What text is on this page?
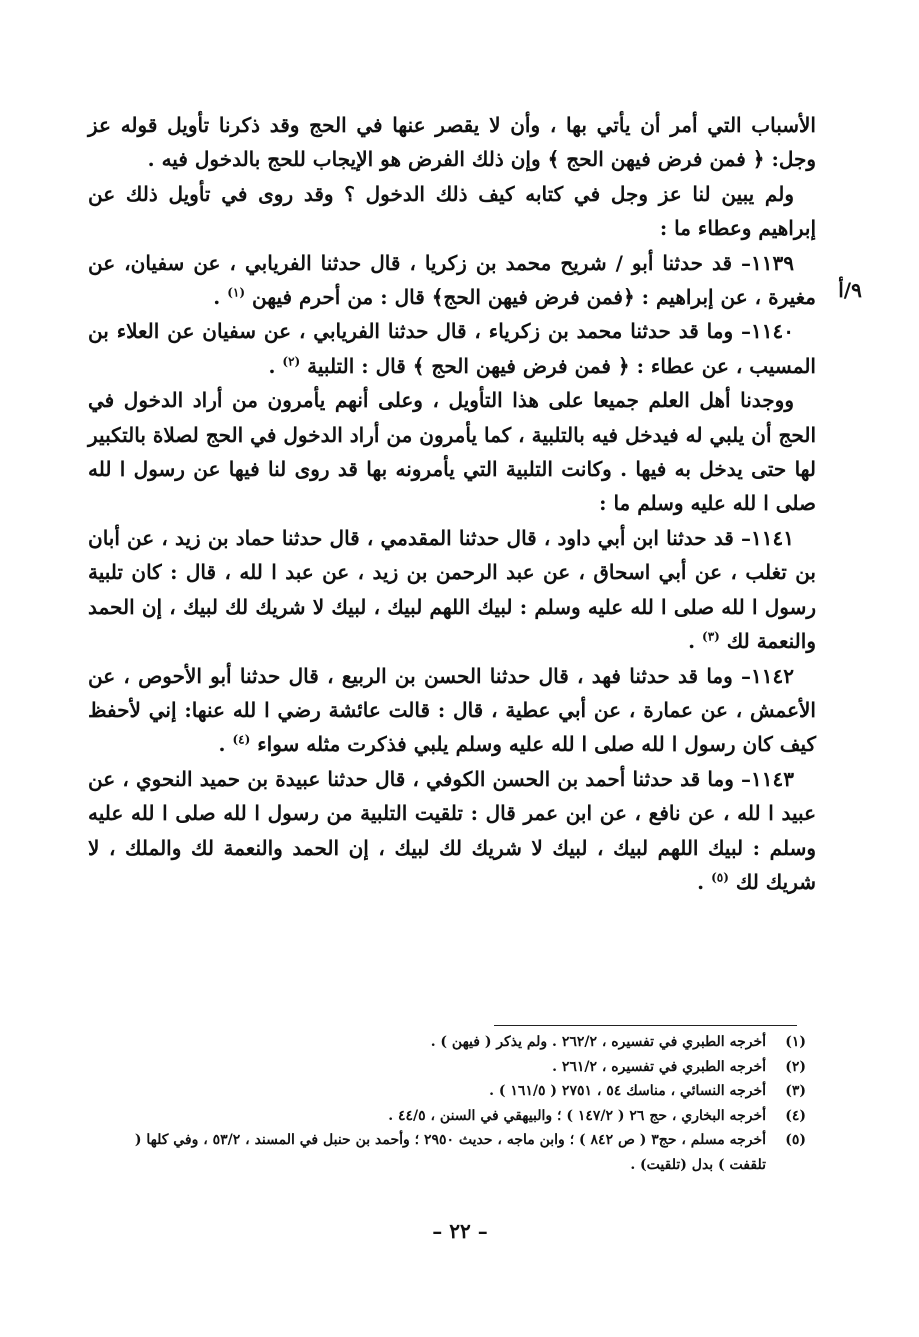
٩/أ

الأسباب التي أمر أن يأتي بها ، وأن لا يقصر عنها في الحج وقد ذكرنا تأويل قوله عز وجل: ﴿ فمن فرض فيهن الحج ﴾ وإن ذلك الفرض هو الإيجاب للحج بالدخول فيه .

ولم يبين لنا عز وجل في كتابه كيف ذلك الدخول ؟ وقد روى في تأويل ذلك عن إبراهيم وعطاء ما :

١١٣٩– قد حدثنا أبو / شريح محمد بن زكريا ، قال حدثنا الفريابي ، عن سفيان، عن مغيرة ، عن إبراهيم : ﴿فمن فرض فيهن الحج﴾ قال : من أحرم فيهن $^{(١)}$ .

١١٤٠– وما قد حدثنا محمد بن زكرياء ، قال حدثنا الفريابي ، عن سفيان عن العلاء بن المسيب ، عن عطاء : ﴿ فمن فرض فيهن الحج ﴾ قال : التلبية $^{(٢)}$ .

ووجدنا أهل العلم جميعا على هذا التأويل ، وعلى أنهم يأمرون من أراد الدخول في الحج أن يلبي له فيدخل فيه بالتلبية ، كما يأمرون من أراد الدخول في الحج لصلاة بالتكبير لها حتى يدخل به فيها . وكانت التلبية التي يأمرونه بها قد روى لنا فيها عن رسول ا لله صلى ا لله عليه وسلم ما :

١١٤١– قد حدثنا ابن أبي داود ، قال حدثنا المقدمي ، قال حدثنا حماد بن زيد ، عن أبان بن تغلب ، عن أبي اسحاق ، عن عبد الرحمن بن زيد ، عن عبد ا لله ، قال : كان تلبية رسول ا لله صلى ا لله عليه وسلم : لبيك اللهم لبيك ، لبيك لا شريك لك لبيك ، إن الحمد والنعمة لك $^{(٣)}$ .

١١٤٢– وما قد حدثنا فهد ، قال حدثنا الحسن بن الربيع ، قال حدثنا أبو الأحوص ، عن الأعمش ، عن عمارة ، عن أبي عطية ، قال : قالت عائشة رضي ا لله عنها: إني لأحفظ كيف كان رسول ا لله صلى ا لله عليه وسلم يلبي فذكرت مثله سواء $^{(٤)}$ .

١١٤٣– وما قد حدثنا أحمد بن الحسن الكوفي ، قال حدثنا عبيدة بن حميد النحوي ، عن عبيد ا لله ، عن نافع ، عن ابن عمر قال : تلقيت التلبية من رسول ا لله صلى ا لله عليه وسلم : لبيك اللهم لبيك ، لبيك لا شريك لك لبيك ، إن الحمد والنعمة لك والملك ، لا شريك لك $^{(٥)}$ .

(١)
أخرجه الطبري في تفسيره ، ٢٦٢/٢ . ولم يذكر ( فيهن ) .
(٢)
أخرجه الطبري في تفسيره ، ٢٦١/٢ .
(٣)
أخرجه النسائي ، مناسك ٥٤ ، ٢٧٥١ ( ١٦١/٥ ) .
(٤)
أخرجه البخاري ، حج ٢٦ ( ١٤٧/٢ ) ؛ والبيهقي في السنن ، ٤٤/٥ .
(٥)
أخرجه مسلم ، حج٣ ( ص ٨٤٢ ) ؛ وابن ماجه ، حديث ٢٩٥٠ ؛ وأحمد بن حنبل في المسند ، ٥٣/٢ ، وفي كلها ( تلقفت ) بدل (تلقيت) .
– ٢٢ –
